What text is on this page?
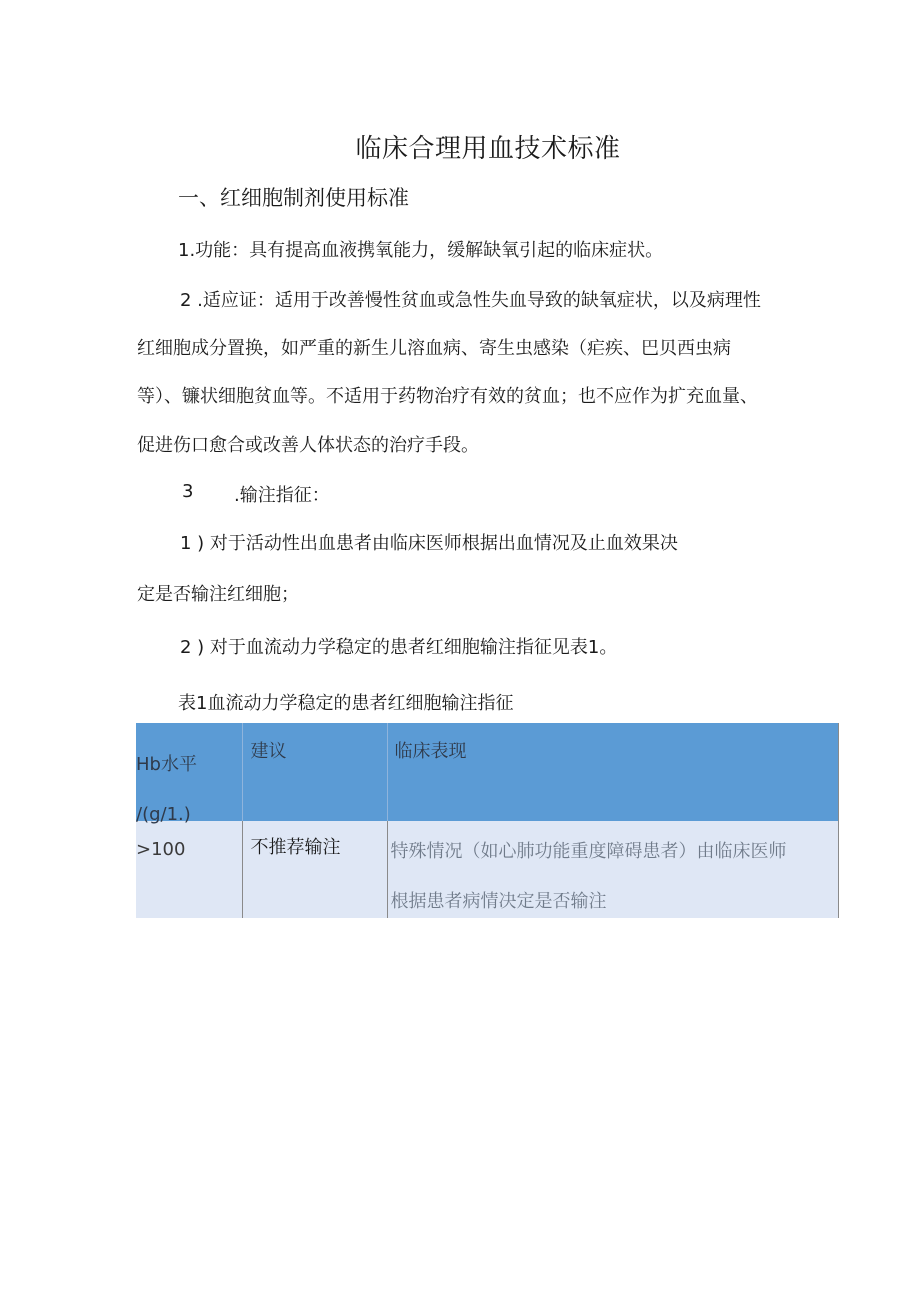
临床合理用血技术标准
一、红细胞制剂使用标准
1.功能：具有提高血液携氧能力，缓解缺氧引起的临床症状。
2 .适应证：适用于改善慢性贫血或急性失血导致的缺氧症状，以及病理性
红细胞成分置换，如严重的新生儿溶血病、寄生虫感染（疟疾、巴贝西虫病
等）、镰状细胞贫血等。不适用于药物治疗有效的贫血；也不应作为扩充血量、
促进伤口愈合或改善人体状态的治疗手段。
3 .输注指征：
1 ) 对于活动性出血患者由临床医师根据出血情况及止血效果决
定是否输注红细胞；
2 ) 对于血流动力学稳定的患者红细胞输注指征见表1。
表1血流动力学稳定的患者红细胞输注指征
Hb水平
/(g/1.)	建议	临床表现

>100	不推荐输注	特殊情况（如心肺功能重度障碍患者）由临床医师
根据患者病情决定是否输注
